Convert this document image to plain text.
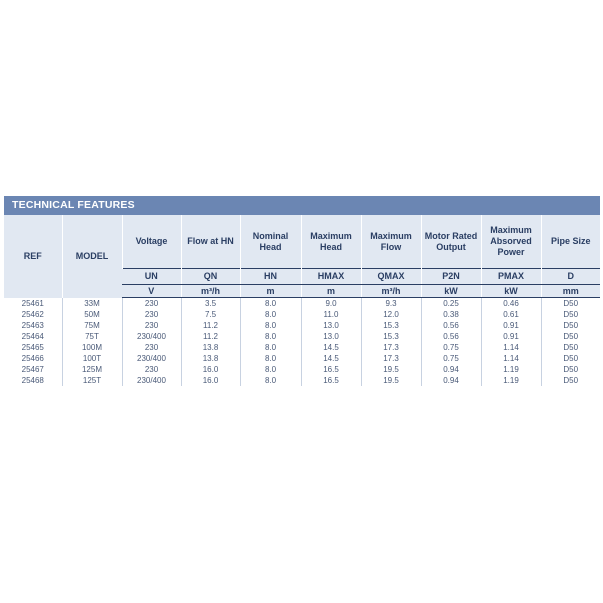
TECHNICAL FEATURES
REF	MODEL	Voltage	Flow at HN	Nominal Head	Maximum Head	Maximum Flow	Motor Rated Output	Maximum Absorved Power	Pipe Size
		UN	QN	HN	HMAX	QMAX	P2N	PMAX	D
		V	m³/h	m	m	m³/h	kW	kW	mm
25461	33M	230	3.5	8.0	9.0	9.3	0.25	0.46	D50
25462	50M	230	7.5	8.0	11.0	12.0	0.38	0.61	D50
25463	75M	230	11.2	8.0	13.0	15.3	0.56	0.91	D50
25464	75T	230/400	11.2	8.0	13.0	15.3	0.56	0.91	D50
25465	100M	230	13.8	8.0	14.5	17.3	0.75	1.14	D50
25466	100T	230/400	13.8	8.0	14.5	17.3	0.75	1.14	D50
25467	125M	230	16.0	8.0	16.5	19.5	0.94	1.19	D50
25468	125T	230/400	16.0	8.0	16.5	19.5	0.94	1.19	D50
